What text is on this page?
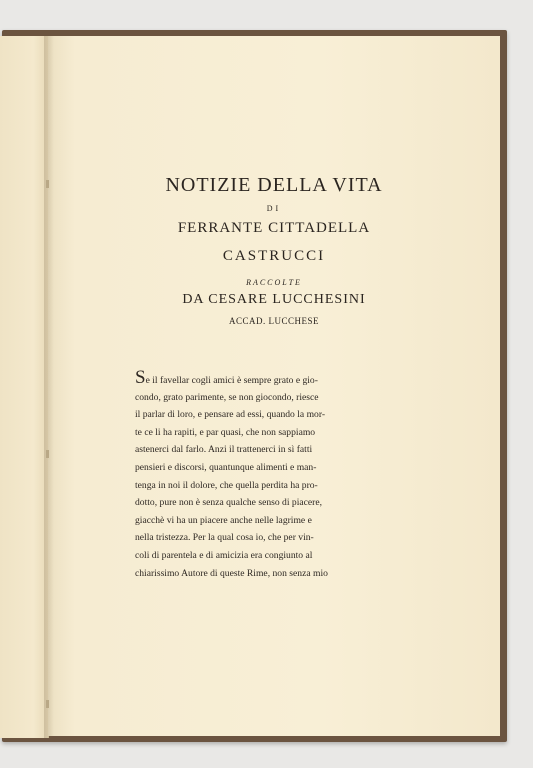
NOTIZIE DELLA VITA
DI
FERRANTE CITTADELLA
CASTRUCCI
RACCOLTE
DA CESARE LUCCHESINI
ACCAD. LUCCHESE
Se il favellar cogli amici è sempre grato e gio-
condo, grato parimente, se non giocondo, riesce
il parlar di loro, e pensare ad essi, quando la mor-
te ce li ha rapiti, e par quasi, che non sappiamo
astenerci dal farlo. Anzi il trattenerci in sì fatti
pensieri e discorsi, quantunque alimenti e man-
tenga in noi il dolore, che quella perdita ha pro-
dotto, pure non è senza qualche senso di piacere,
giacchè vi ha un piacere anche nelle lagrime e
nella tristezza. Per la qual cosa io, che per vin-
coli di parentela e di amicizia era congiunto al
chiarissimo Autore di queste Rime, non senza mio
